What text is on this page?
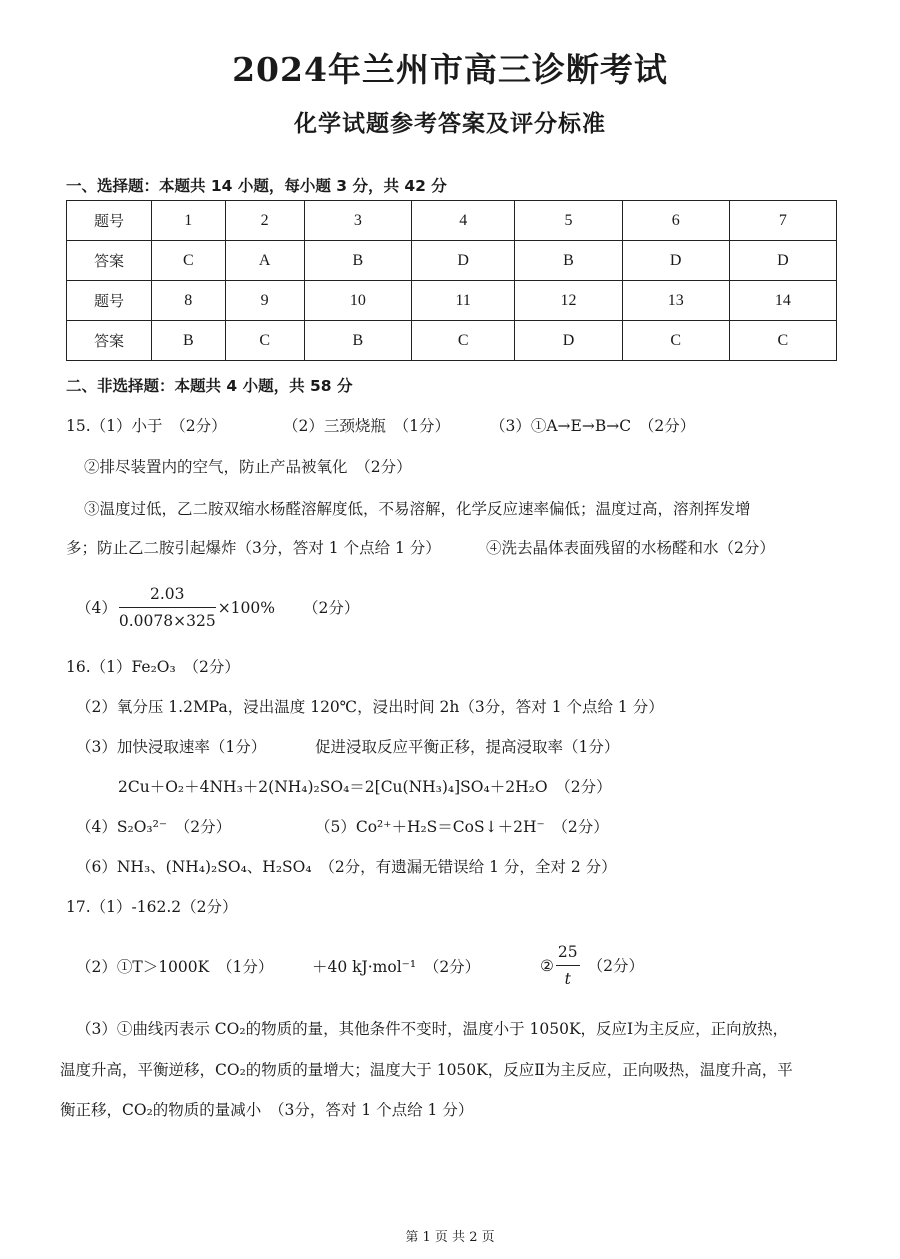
2024年兰州市高三诊断考试
化学试题参考答案及评分标准
一、选择题：本题共 14 小题，每小题 3 分，共 42 分
题号	1	2	3	4	5	6	7
答案	C	A	B	D	B	D	D
题号	8	9	10	11	12	13	14
答案	B	C	B	C	D	C	C
二、非选择题：本题共 4 小题，共 58 分
15.（1）小于　（2分）	（2）三颈烧瓶　（1分）	（3）①A→E→B→C　（2分）
②排尽装置内的空气，防止产品被氧化　（2分）
③温度过低，乙二胺双缩水杨醛溶解度低，不易溶解，化学反应速率偏低；温度过高，溶剂挥发增
多；防止乙二胺引起爆炸（3分，答对 1 个点给 1 分）	④洗去晶体表面残留的水杨醛和水（2分）
$(4) \frac{2.03}{0.0078\times 325} \times 100\%$ （2分）
16.（1）Fe₂O₃　（2分）
（2）氧分压 1.2MPa，浸出温度 120℃，浸出时间 2h（3分，答对 1 个点给 1 分）
（3）加快浸取速率（1分）	促进浸取反应平衡正移，提高浸取率（1分）
2Cu＋O₂＋4NH₃＋2(NH₄)₂SO₄＝2[Cu(NH₃)₄]SO₄＋2H₂O　（2分）
（4）S₂O₃²⁻　（2分）	（5）Co²⁺＋H₂S＝CoS↓＋2H⁻　（2分）
（6）NH₃、(NH₄)₂SO₄、H₂SO₄　（2分，有遗漏无错误给 1 分，全对 2 分）
17.（1）-162.2（2分）
（2）①T＞1000K　（1分） ＋40 kJ·mol⁻¹　（2分）	② $\frac{25}{t} (2$分）
（3）①曲线丙表示 CO₂的物质的量，其他条件不变时，温度小于 1050K，反应Ⅰ为主反应，正向放热，
温度升高，平衡逆移，CO₂的物质的量增大；温度大于 1050K，反应Ⅱ为主反应，正向吸热，温度升高，平
衡正移，CO₂的物质的量减小　（3分，答对 1 个点给 1 分）
第 1 页 共 2 页
